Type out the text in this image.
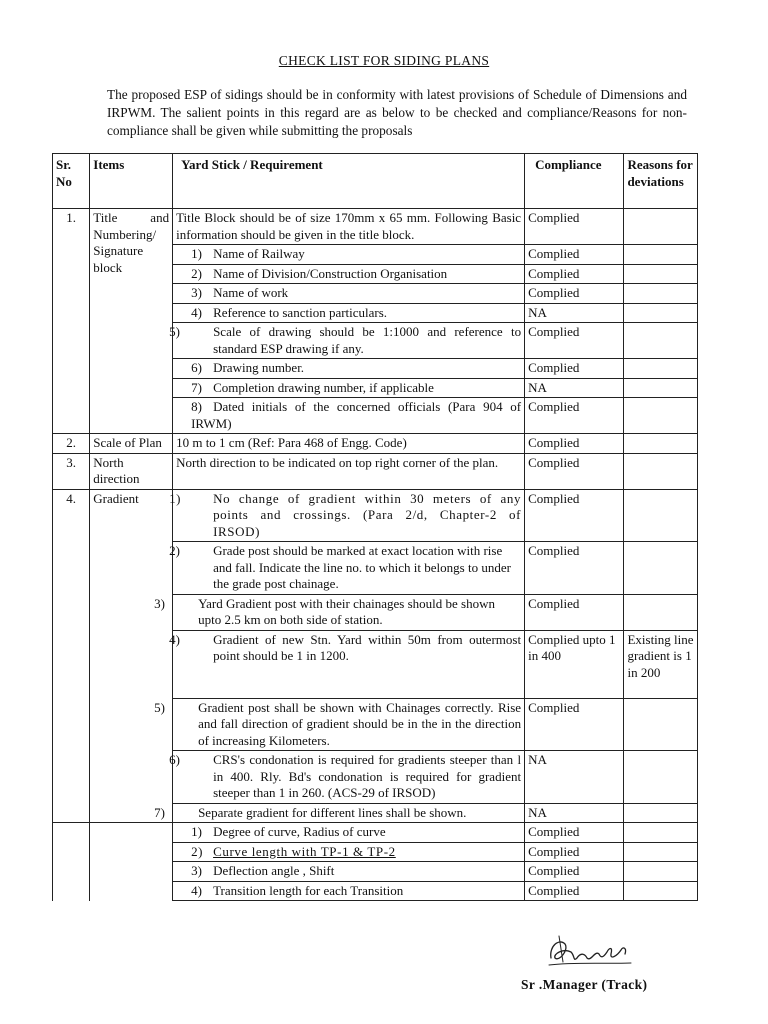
CHECK LIST FOR SIDING PLANS
The proposed ESP of sidings should be in conformity with latest provisions of Schedule of Dimensions and IRPWM. The salient points in this regard are as below to be checked and compliance/Reasons for non- compliance shall be given while submitting the proposals
Sr. No	Items	Yard Stick / Requirement	Compliance	Reasons for deviations
1.	Title and Numbering/ Signature block	Title Block should be of size 170mm x 65 mm. Following Basic information should be given in the title block.	Complied	
		1) Name of Railway	Complied	
		2) Name of Division/Construction Organisation	Complied	
		3) Name of work	Complied	
		4) Reference to sanction particulars.	NA	

		5) Scale of drawing should be 1:1000 and reference to standard ESP drawing if any.	Complied	
		6) Drawing number.	Complied	
		7) Completion drawing number, if applicable	NA	
		8) Dated initials of the concerned officials (Para 904 of IRWM)	Complied	
2.	Scale of Plan	10 m to 1 cm (Ref: Para 468 of Engg. Code)	Complied	
3.	North direction	North direction to be indicated on top right corner of the plan.	Complied	
4.	Gradient	1) No change of gradient within 30 meters of any points and crossings. (Para 2/d, Chapter-2 of IRSOD)	Complied	

		2) Grade post should be marked at exact location with rise and fall. Indicate the line no. to which it belongs to under the grade post chainage.	Complied	

		3) Yard Gradient post with their chainages should be shown upto 2.5 km on both side of station.	Complied	

		4) Gradient of new Stn. Yard within 50m from outermost point should be 1 in 1200.	Complied upto 1 in 400	Existing line gradient is 1 in 200

		5) Gradient post shall be shown with Chainages correctly. Rise and fall direction of gradient should be in the in the direction of increasing Kilometers.	Complied	

		6) CRS's condonation is required for gradients steeper than l in 400. Rly. Bd's condonation is required for gradient steeper than 1 in 260. (ACS-29 of IRSOD)	NA	

		7) Separate gradient for different lines shall be shown.	NA	
		1) Degree of curve, Radius of curve	Complied	
		2) Curve length with TP-1 & TP-2	Complied	
		3) Deflection angle , Shift	Complied	
		4) Transition length for each Transition	Complied	
Sr .Manager (Track)
